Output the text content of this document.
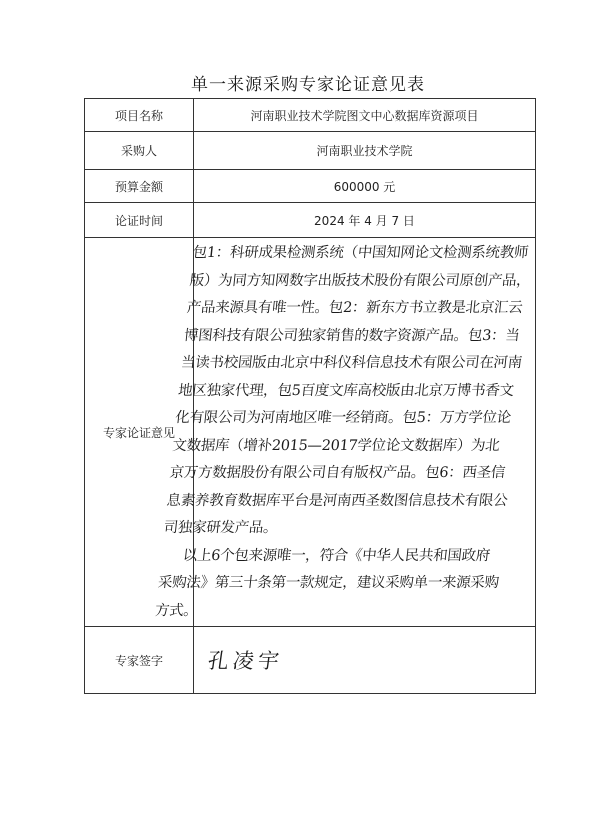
单一来源采购专家论证意见表
项目名称	河南职业技术学院图文中心数据库资源项目
采购人	河南职业技术学院
预算金额	600000 元
论证时间	2024 年 4 月 7 日
专家论证意见	包1：科研成果检测系统（中国知网论文检测系统教师版）为同方知网数字出版技术股份有限公司原创产品，产品来源具有唯一性。包2：新东方书立教是北京汇云博图科技有限公司独家销售的数字资源产品。包3：当当读书校园版由北京中科仪科信息技术有限公司在河南地区独家代理，包5百度文库高校版由北京万博书香文化有限公司为河南地区唯一经销商。包5：万方学位论文数据库（增补2015—2017学位论文数据库）为北京万方数据股份有限公司自有版权产品。包6：西圣信息素养教育数据库平台是河南西圣数图信息技术有限公司独家研发产品。

以上6个包来源唯一，符合《中华人民共和国政府采购法》第三十条第一款规定，建议采购单一来源采购方式。

专家签字	孔凌宇
